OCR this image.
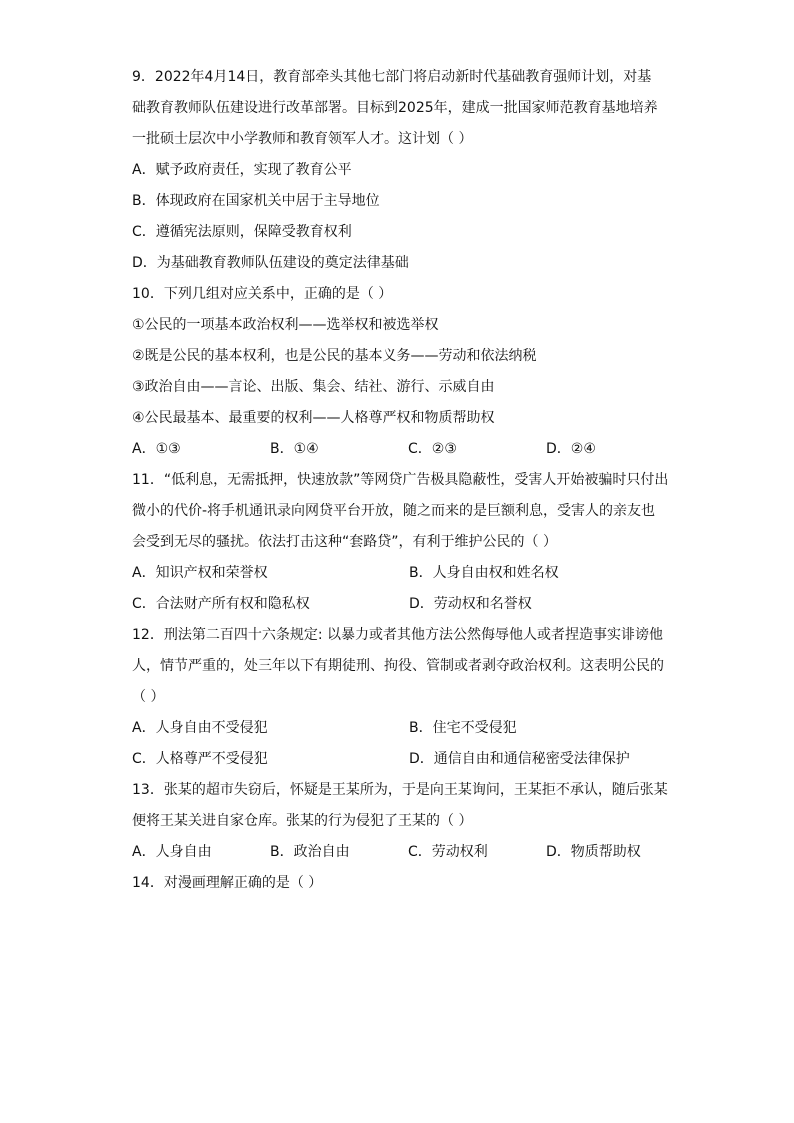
9．2022年4月14日，教育部牵头其他七部门将启动新时代基础教育强师计划，对基
础教育教师队伍建设进行改革部署。目标到2025年，建成一批国家师范教育基地培养
一批硕士层次中小学教师和教育领军人才。这计划（ ）
A．赋予政府责任，实现了教育公平
B．体现政府在国家机关中居于主导地位
C．遵循宪法原则，保障受教育权利
D．为基础教育教师队伍建设的奠定法律基础
10．下列几组对应关系中，正确的是（ ）
①公民的一项基本政治权利——选举权和被选举权
②既是公民的基本权利，也是公民的基本义务——劳动和依法纳税
③政治自由——言论、出版、集会、结社、游行、示威自由
④公民最基本、最重要的权利——人格尊严权和物质帮助权
A．①③	B．①④	C．②③	D．②④
11．“低利息，无需抵押，快速放款”等网贷广告极具隐蔽性，受害人开始被骗时只付出
微小的代价-将手机通讯录向网贷平台开放，随之而来的是巨额利息，受害人的亲友也
会受到无尽的骚扰。依法打击这种“套路贷”，有利于维护公民的（ ）
A．知识产权和荣誉权	B．人身自由权和姓名权
C．合法财产所有权和隐私权	D．劳动权和名誉权
12．刑法第二百四十六条规定: 以暴力或者其他方法公然侮辱他人或者捏造事实诽谤他
人，情节严重的，处三年以下有期徒刑、拘役、管制或者剥夺政治权利。这表明公民的
（ ）
A．人身自由不受侵犯	B．住宅不受侵犯
C．人格尊严不受侵犯	D．通信自由和通信秘密受法律保护
13．张某的超市失窃后，怀疑是王某所为，于是向王某询问，王某拒不承认，随后张某
便将王某关进自家仓库。张某的行为侵犯了王某的（ ）
A．人身自由	B．政治自由	C．劳动权利	D．物质帮助权
14．对漫画理解正确的是（ ）
